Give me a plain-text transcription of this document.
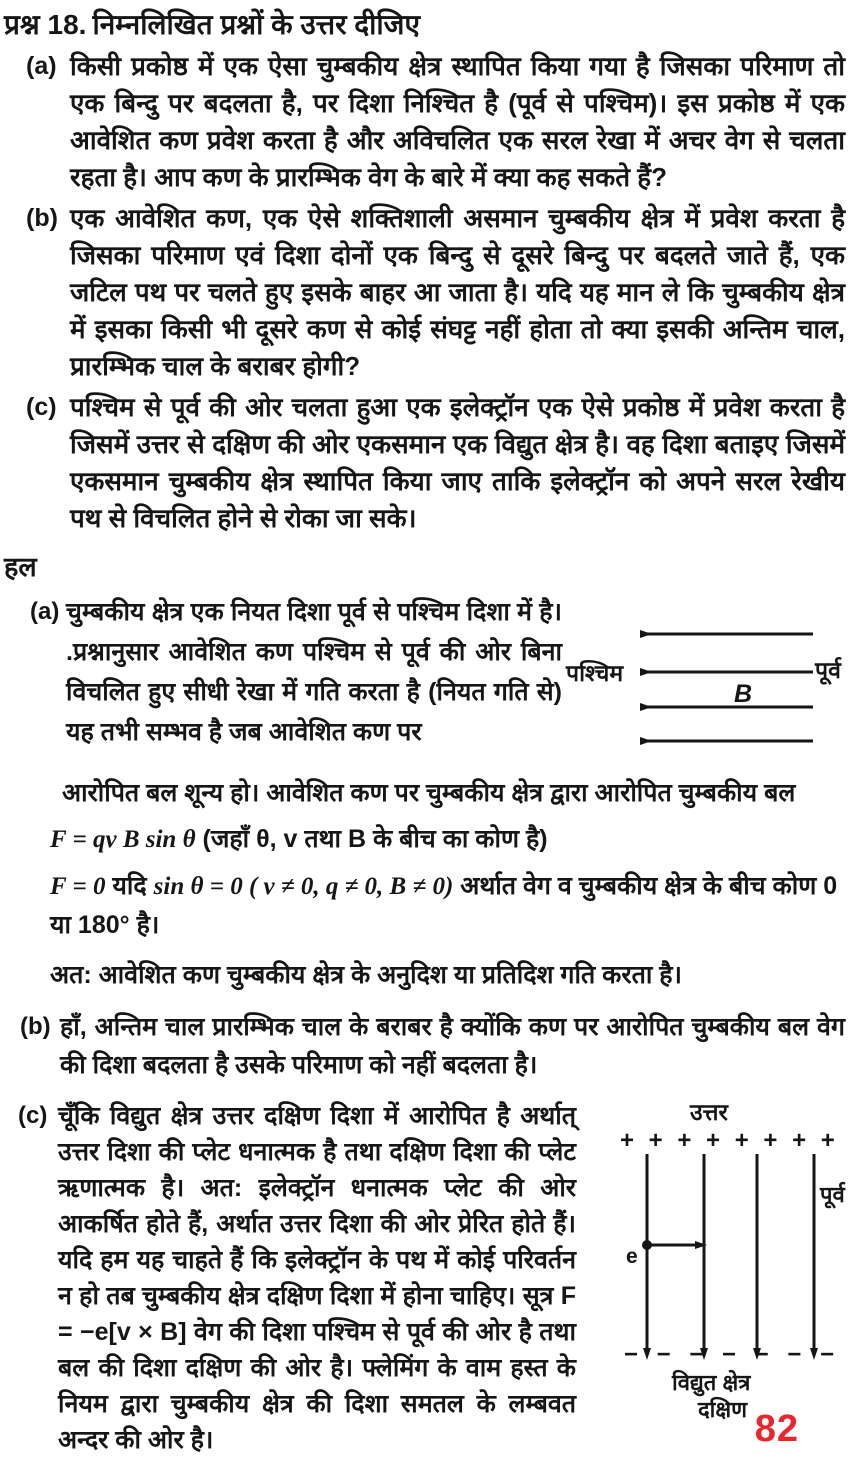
प्रश्न 18. निम्नलिखित प्रश्नों के उत्तर दीजिए
(a) किसी प्रकोष्ठ में एक ऐसा चुम्बकीय क्षेत्र स्थापित किया गया है जिसका परिमाण तो एक बिन्दु पर बदलता है, पर दिशा निश्चित है (पूर्व से पश्चिम)। इस प्रकोष्ठ में एक आवेशित कण प्रवेश करता है और अविचलित एक सरल रेखा में अचर वेग से चलता रहता है। आप कण के प्रारम्भिक वेग के बारे में क्या कह सकते हैं?
(b) एक आवेशित कण, एक ऐसे शक्तिशाली असमान चुम्बकीय क्षेत्र में प्रवेश करता है जिसका परिमाण एवं दिशा दोनों एक बिन्दु से दूसरे बिन्दु पर बदलते जाते हैं, एक जटिल पथ पर चलते हुए इसके बाहर आ जाता है। यदि यह मान ले कि चुम्बकीय क्षेत्र में इसका किसी भी दूसरे कण से कोई संघट्ट नहीं होता तो क्या इसकी अन्तिम चाल, प्रारम्भिक चाल के बराबर होगी?
(c) पश्चिम से पूर्व की ओर चलता हुआ एक इलेक्ट्रॉन एक ऐसे प्रकोष्ठ में प्रवेश करता है जिसमें उत्तर से दक्षिण की ओर एकसमान एक विद्युत क्षेत्र है। वह दिशा बताइए जिसमें एकसमान चुम्बकीय क्षेत्र स्थापित किया जाए ताकि इलेक्ट्रॉन को अपने सरल रेखीय पथ से विचलित होने से रोका जा सके।
हल
(a) चुम्बकीय क्षेत्र एक नियत दिशा पूर्व से पश्चिम दिशा में है। .प्रश्नानुसार आवेशित कण पश्चिम से पूर्व की ओर बिना विचलित हुए सीधी रेखा में गति करता है (नियत गति से) यह तभी सम्भव है जब आवेशित कण पर
पश्चिम	पूर्व
B
आरोपित बल शून्य हो। आवेशित कण पर चुम्बकीय क्षेत्र द्वारा आरोपित चुम्बकीय बल
F = qv B sin θ (जहाँ θ, v तथा B के बीच का कोण है)
F = 0 यदि sin θ = 0 ( v ≠ 0, q ≠ 0, B ≠ 0) अर्थात वेग व चुम्बकीय क्षेत्र के बीच कोण 0 या 180° है।
अत: आवेशित कण चुम्बकीय क्षेत्र के अनुदिश या प्रतिदिश गति करता है।
(b) हाँ, अन्तिम चाल प्रारम्भिक चाल के बराबर है क्योंकि कण पर आरोपित चुम्बकीय बल वेग की दिशा बदलता है उसके परिमाण को नहीं बदलता है।
(c) चूँकि विद्युत क्षेत्र उत्तर दक्षिण दिशा में आरोपित है अर्थात् उत्तर दिशा की प्लेट धनात्मक है तथा दक्षिण दिशा की प्लेट ऋणात्मक है। अत: इलेक्ट्रॉन धनात्मक प्लेट की ओर आकर्षित होते हैं, अर्थात उत्तर दिशा की ओर प्रेरित होते हैं। यदि हम यह चाहते हैं कि इलेक्ट्रॉन के पथ में कोई परिवर्तन न हो तब चुम्बकीय क्षेत्र दक्षिण दिशा में होना चाहिए। सूत्र F = −e[v × B] वेग की दिशा पश्चिम से पूर्व की ओर है तथा बल की दिशा दक्षिण की ओर है। फ्लेमिंग के वाम हस्त के नियम द्वारा चुम्बकीय क्षेत्र की दिशा समतल के लम्बवत अन्दर की ओर है।
उत्तर
+ + + + + + + +
पूर्व
e
− − − − − − −
विद्युत क्षेत्र
दक्षिण 82
